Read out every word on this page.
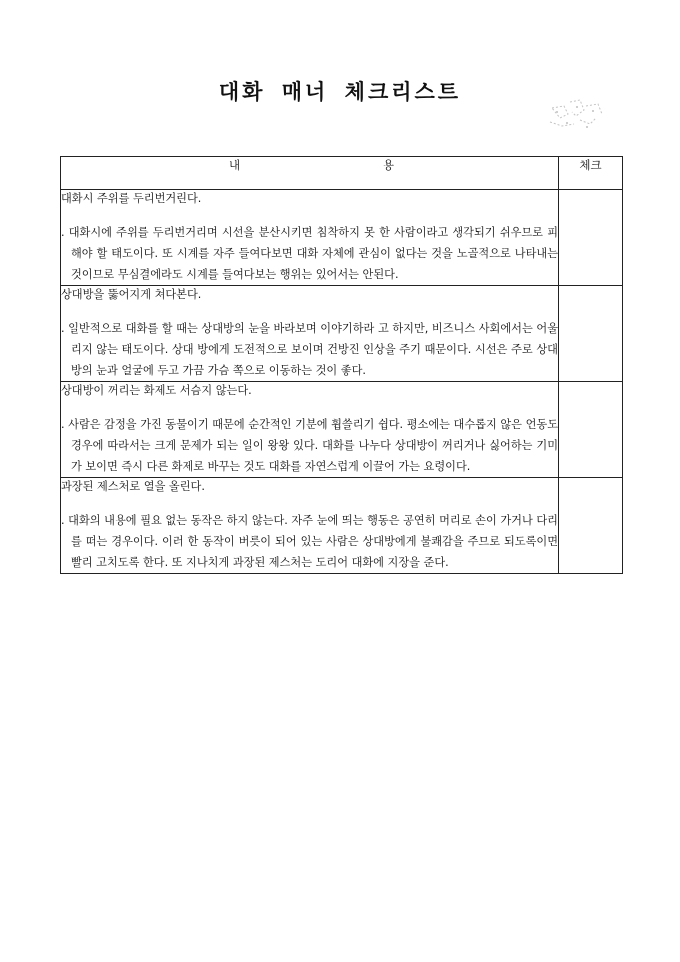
대화 매너 체크리스트
내 용	체크

대화시 주위를 두리번거린다.
. 대화시에 주위를 두리번거리며 시선을 분산시키면 침착하지 못 한 사람이라고 생각되기 쉬우므로 피해야 할 태도이다. 또 시계를 자주 들여다보면 대화 자체에 관심이 없다는 것을 노골적으로 나타내는 것이므로 무심결에라도 시계를 들여다보는 행위는 있어서는 안된다.	

상대방을 뚫어지게 쳐다본다.
. 일반적으로 대화를 할 때는 상대방의 눈을 바라보며 이야기하라 고 하지만, 비즈니스 사회에서는 어울리지 않는 태도이다. 상대 방에게 도전적으로 보이며 건방진 인상을 주기 때문이다. 시선은 주로 상대방의 눈과 얼굴에 두고 가끔 가슴 쪽으로 이동하는 것이 좋다.	

상대방이 꺼리는 화제도 서슴지 않는다.
. 사람은 감정을 가진 동물이기 때문에 순간적인 기분에 휩쓸리기 쉽다. 평소에는 대수롭지 않은 언동도 경우에 따라서는 크게 문제가 되는 일이 왕왕 있다. 대화를 나누다 상대방이 꺼리거나 싫어하는 기미가 보이면 즉시 다른 화제로 바꾸는 것도 대화를 자연스럽게 이끌어 가는 요령이다.	

과장된 제스처로 열을 올린다.
. 대화의 내용에 필요 없는 동작은 하지 않는다. 자주 눈에 띄는 행동은 공연히 머리로 손이 가거나 다리를 떠는 경우이다. 이러 한 동작이 버릇이 되어 있는 사람은 상대방에게 불쾌감을 주므로 되도록이면 빨리 고치도록 한다. 또 지나치게 과장된 제스처는 도리어 대화에 지장을 준다.	
